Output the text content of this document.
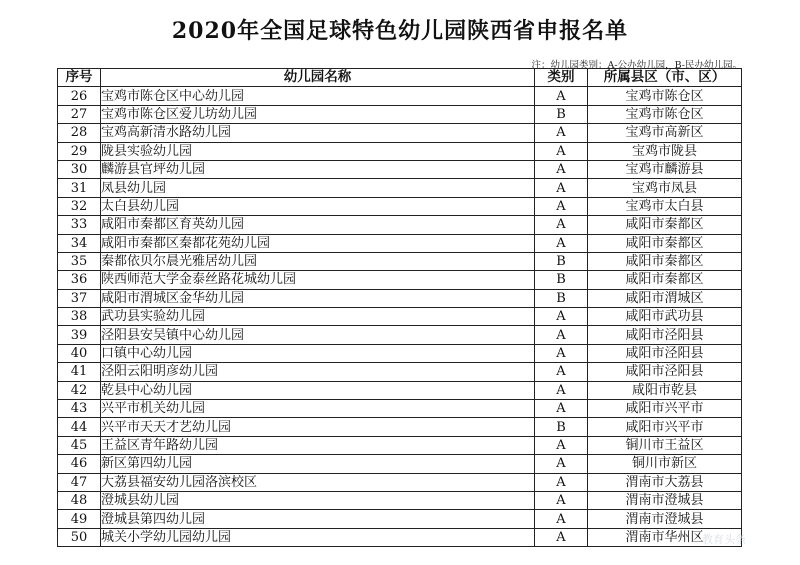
2020年全国足球特色幼儿园陕西省申报名单
注：幼儿园类别：A-公办幼儿园，B-民办幼儿园。
序号	幼儿园名称	类别	所属县区（市、区）
26	宝鸡市陈仓区中心幼儿园	A	宝鸡市陈仓区
27	宝鸡市陈仓区爱儿坊幼儿园	B	宝鸡市陈仓区
28	宝鸡高新清水路幼儿园	A	宝鸡市高新区
29	陇县实验幼儿园	A	宝鸡市陇县
30	麟游县官坪幼儿园	A	宝鸡市麟游县
31	凤县幼儿园	A	宝鸡市凤县
32	太白县幼儿园	A	宝鸡市太白县
33	咸阳市秦都区育英幼儿园	A	咸阳市秦都区
34	咸阳市秦都区秦都花苑幼儿园	A	咸阳市秦都区
35	秦都依贝尔晨光雅居幼儿园	B	咸阳市秦都区
36	陕西师范大学金泰丝路花城幼儿园	B	咸阳市秦都区
37	咸阳市渭城区金华幼儿园	B	咸阳市渭城区
38	武功县实验幼儿园	A	咸阳市武功县
39	泾阳县安吴镇中心幼儿园	A	咸阳市泾阳县
40	口镇中心幼儿园	A	咸阳市泾阳县
41	泾阳云阳明彦幼儿园	A	咸阳市泾阳县
42	乾县中心幼儿园	A	咸阳市乾县
43	兴平市机关幼儿园	A	咸阳市兴平市
44	兴平市天天才艺幼儿园	B	咸阳市兴平市
45	王益区青年路幼儿园	A	铜川市王益区
46	新区第四幼儿园	A	铜川市新区
47	大荔县福安幼儿园洛滨校区	A	渭南市大荔县
48	澄城县幼儿园	A	渭南市澄城县
49	澄城县第四幼儿园	A	渭南市澄城县
50	城关小学幼儿园幼儿园	A	渭南市华州区
教育头条
